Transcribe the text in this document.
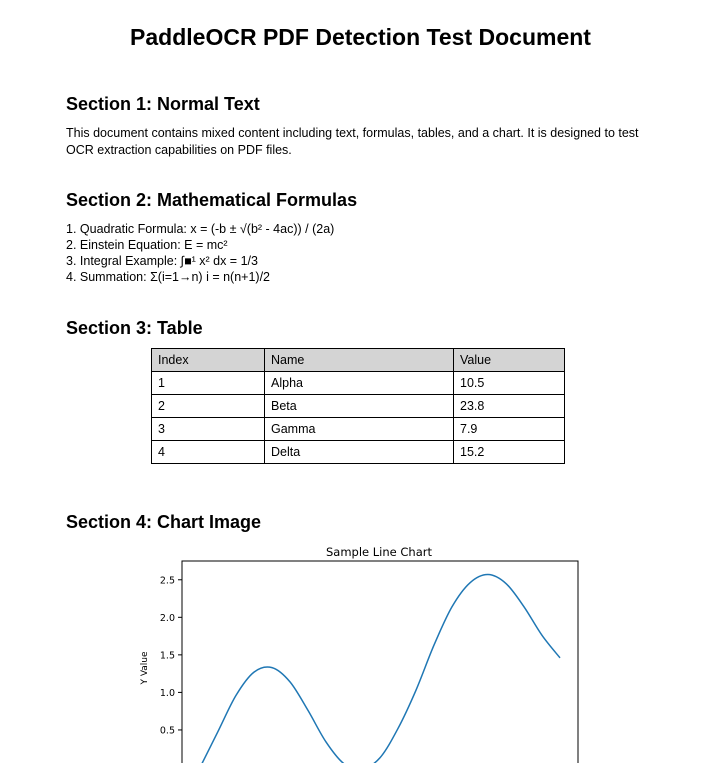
PaddleOCR PDF Detection Test Document
Section 1: Normal Text

This document contains mixed content including text, formulas, tables, and a chart. It is designed to test OCR extraction capabilities on PDF files.

Section 2: Mathematical Formulas
1. Quadratic Formula: x = (-b ± √(b² - 4ac)) / (2a)
2. Einstein Equation: E = mc²
3. Integral Example: ∫■¹ x² dx = 1/3
4. Summation: Σ(i=1→n) i = n(n+1)/2
Section 3: Table
Index	Name	Value
1	Alpha	10.5
2	Beta	23.8
3	Gamma	7.9
4	Delta	15.2
Section 4: Chart Image
Sample Line Chart
0.5
1.0
1.5
2.0
2.5
Y Value
